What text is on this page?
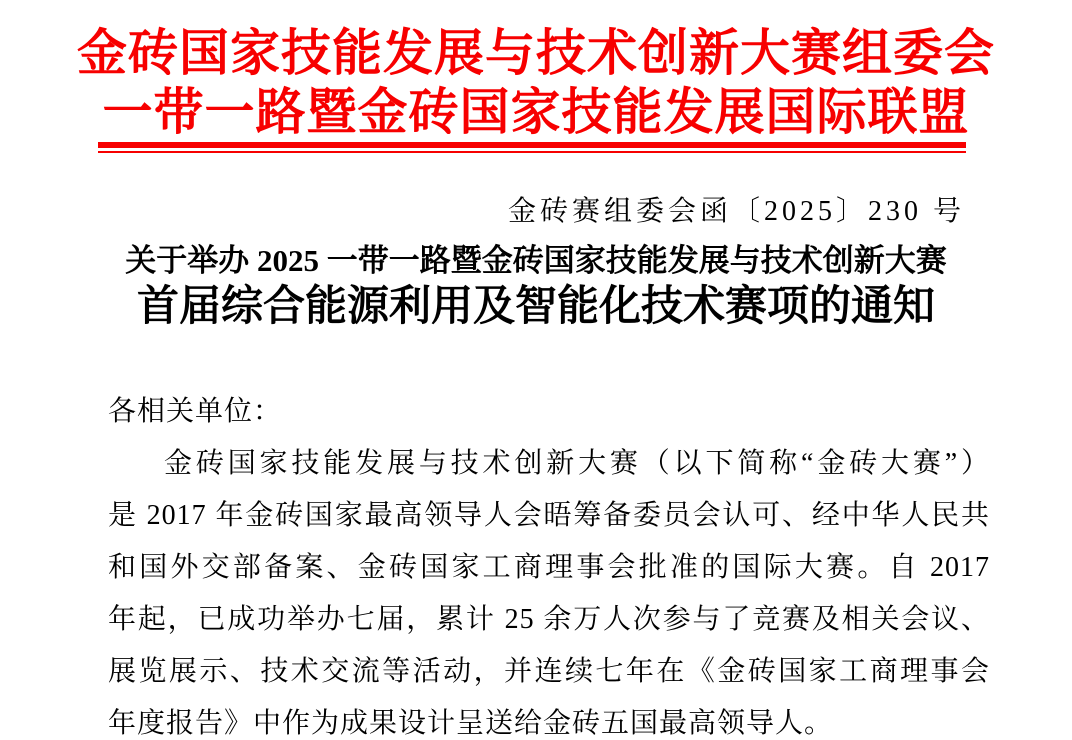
金砖国家技能发展与技术创新大赛组委会
一带一路暨金砖国家技能发展国际联盟
金砖赛组委会函〔2025〕230 号
关于举办 2025 一带一路暨金砖国家技能发展与技术创新大赛
首届综合能源利用及智能化技术赛项的通知
各相关单位：
金砖国家技能发展与技术创新大赛（以下简称“金砖大赛”）
是 2017 年金砖国家最高领导人会晤筹备委员会认可、经中华人民共
和国外交部备案、金砖国家工商理事会批准的国际大赛。自 2017
年起，已成功举办七届，累计 25 余万人次参与了竞赛及相关会议、
展览展示、技术交流等活动，并连续七年在《金砖国家工商理事会
年度报告》中作为成果设计呈送给金砖五国最高领导人。
